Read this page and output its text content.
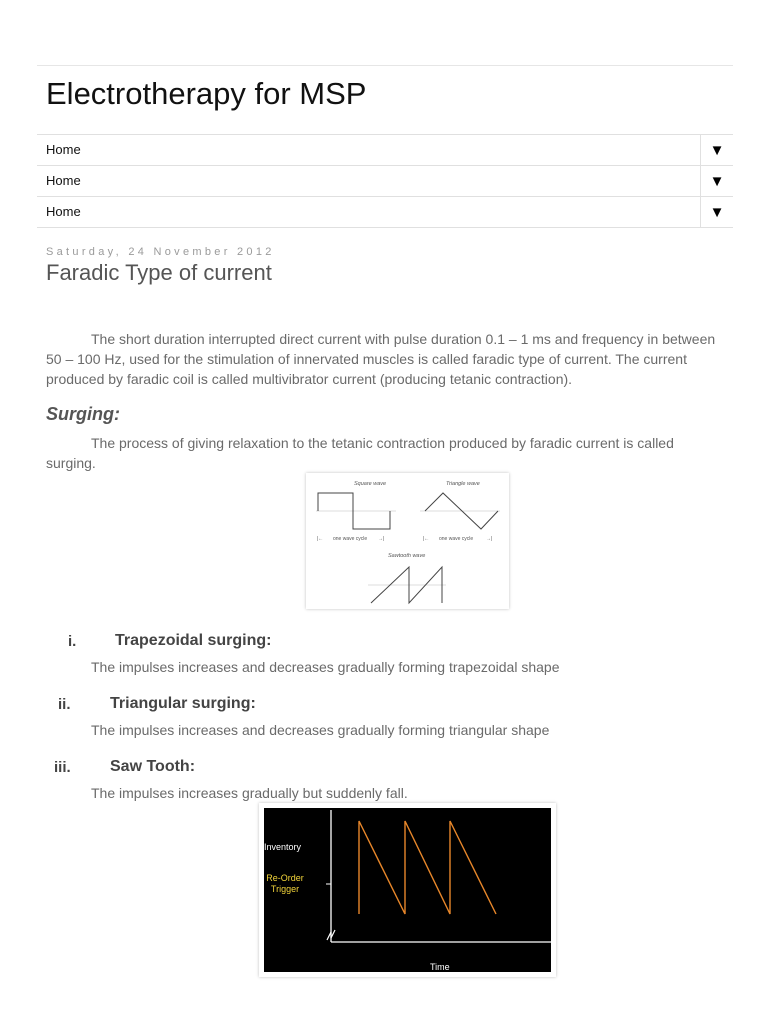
Electrotherapy for MSP
Home	▼
Home	▼
Home	▼
Saturday, 24 November 2012
Faradic Type of current

The short duration interrupted direct current with pulse duration 0.1 – 1 ms and frequency in between 50 – 100 Hz, used for the stimulation of innervated muscles is called faradic type of current. The current produced by faradic coil is called multivibrator current (producing tetanic contraction).

Surging:

The process of giving relaxation to the tetanic contraction produced by faradic current is called surging.

Square wave	Triangle wave
|← one wave cycle →|	|← one wave cycle	→|
Sawtooth wave
i. Trapezoidal surging:
The impulses increases and decreases gradually forming trapezoidal shape
ii. Triangular surging:
The impulses increases and decreases gradually forming triangular shape
iii. Saw Tooth:
The impulses increases gradually but suddenly fall.
Inventory
Re-Order
Trigger
Time
